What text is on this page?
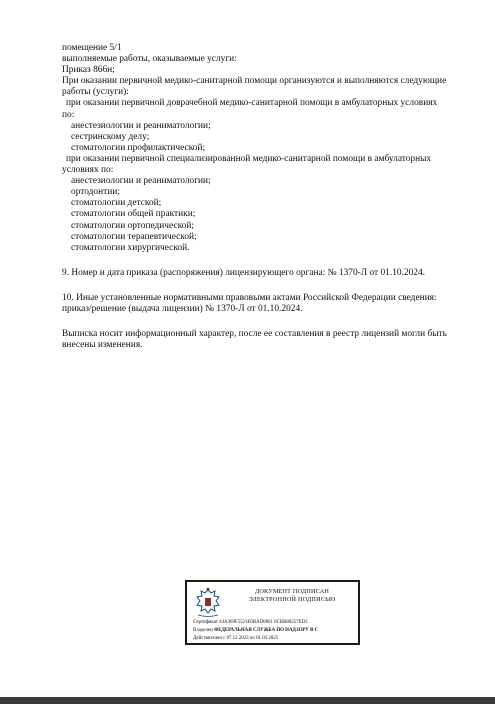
помещение 5/1
выполняемые работы, оказываемые услуги:
Приказ 866н;
При оказании первичной медико-санитарной помощи организуются и выполняются следующие
работы (услуги):
при оказании первичной доврачебной медико-санитарной помощи в амбулаторных условиях
по:
анестезиологии и реаниматологии;
сестринскому делу;
стоматологии профилактической;
при оказании первичной специализированной медико-санитарной помощи в амбулаторных
условиях по:
анестезиологии и реаниматологии;
ортодонтии;
стоматологии детской;
стоматологии общей практики;
стоматологии ортопедической;
стоматологии терапевтической;
стоматологии хирургической.
9. Номер и дата приказа (распоряжения) лицензирующего органа: № 1370-Л от 01.10.2024.
10. Иные установленные нормативными правовыми актами Российской Федерации сведения:
приказ/решение (выдача лицензии) № 1370-Л от 01.10.2024.
Выписка носит информационный характер, после ее составления в реестр лицензий могли быть
внесены изменения.
ДОКУМЕНТ ПОДПИСАН
ЭЛЕКТРОННОЙ ПОДПИСЬЮ
Сертификат 44A369F5521E0BAD0861 0CBB88257ED3
Владелец ФЕДЕРАЛЬНАЯ СЛУЖБА ПО НАДЗОРУ В С
Действителен с 07.12.2023 по 01.03.2025
